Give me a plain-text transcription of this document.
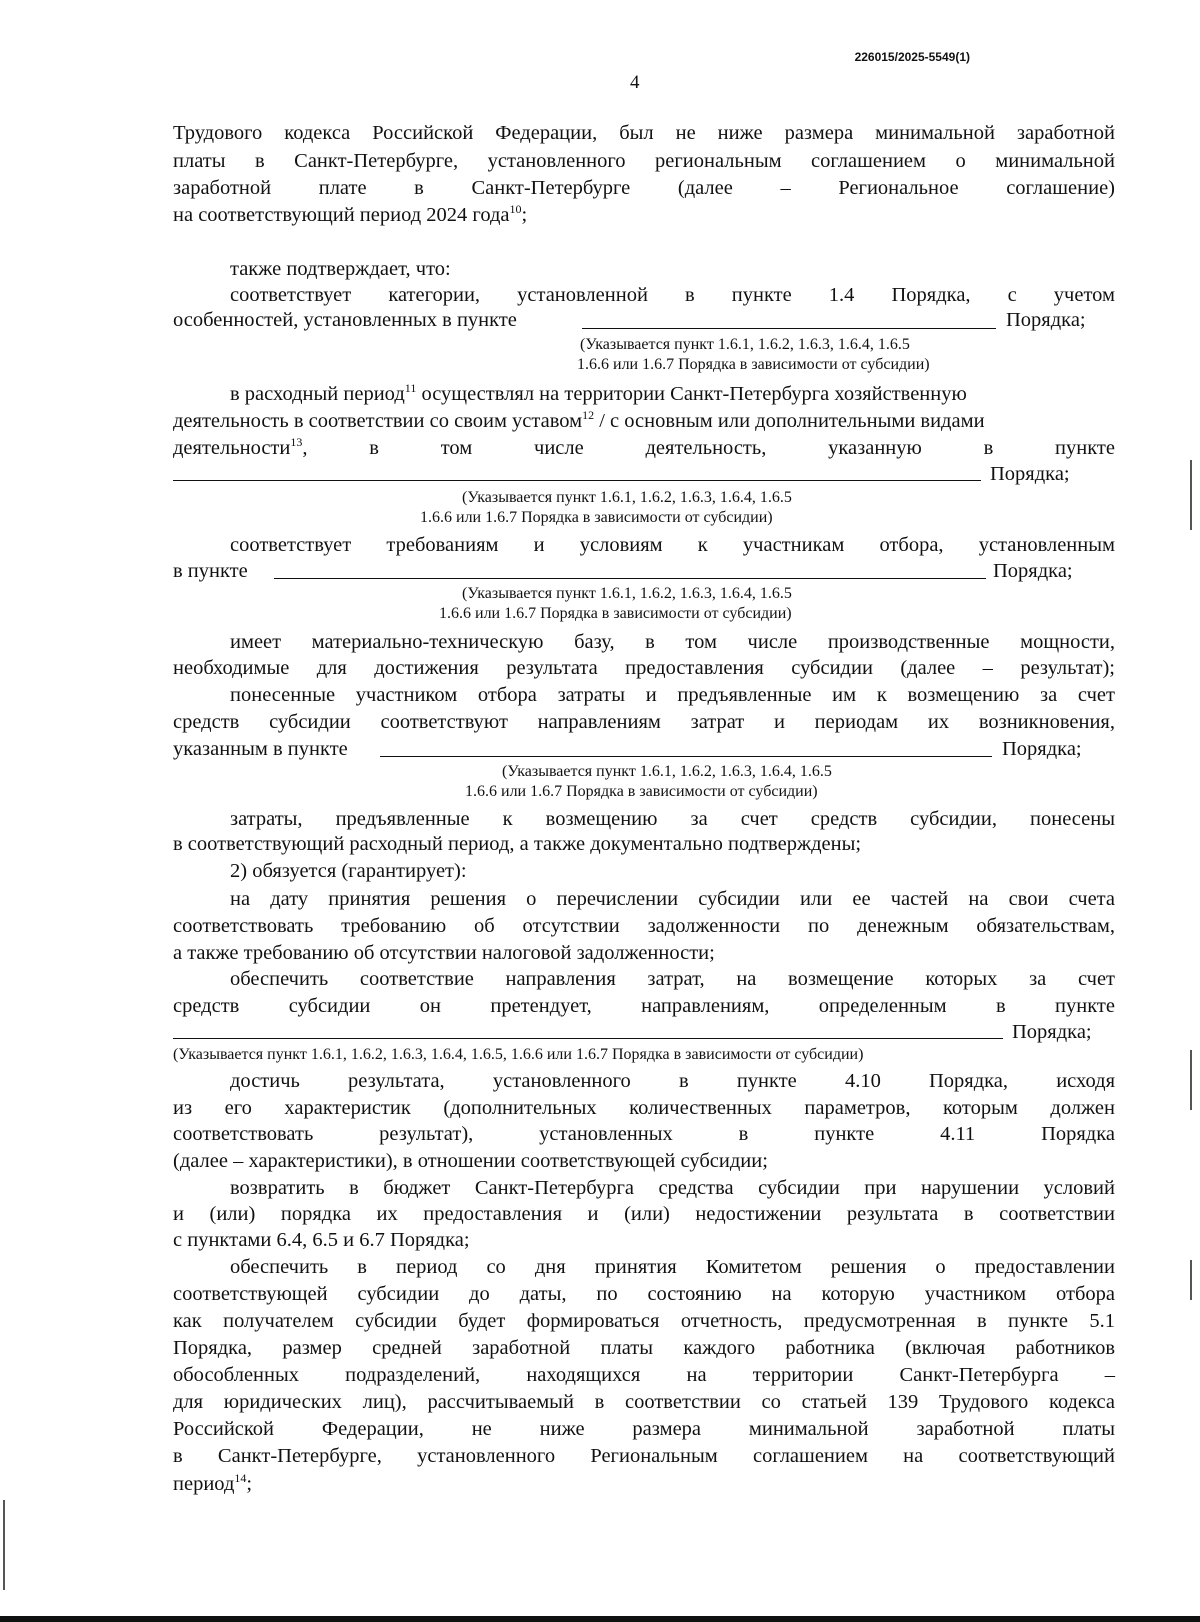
226015/2025-5549(1)
4
Трудового кодекса Российской Федерации, был не ниже размера минимальной заработной
платы в Санкт-Петербурге, установленного региональным соглашением о минимальной
заработной плате в Санкт-Петербурге (далее – Региональное соглашение)
на соответствующий период 2024 года$^{10}$;
также подтверждает, что:
соответствует категории, установленной в пункте 1.4 Порядка, с учетом
особенностей, установленных в пункте	Порядка;
(Указывается пункт 1.6.1, 1.6.2, 1.6.3, 1.6.4, 1.6.5
1.6.6 или 1.6.7 Порядка в зависимости от субсидии)
в расходный период$^{11}$ осуществлял на территории Санкт-Петербурга хозяйственную
деятельность в соответствии со своим уставом$^{12}$ / с основным или дополнительными видами
деятельности$^{13}$, в том числе деятельность, указанную в пункте
Порядка;
(Указывается пункт 1.6.1, 1.6.2, 1.6.3, 1.6.4, 1.6.5
1.6.6 или 1.6.7 Порядка в зависимости от субсидии)
соответствует требованиям и условиям к участникам отбора, установленным
в пункте	Порядка;
(Указывается пункт 1.6.1, 1.6.2, 1.6.3, 1.6.4, 1.6.5
1.6.6 или 1.6.7 Порядка в зависимости от субсидии)
имеет материально-техническую базу, в том числе производственные мощности,
необходимые для достижения результата предоставления субсидии (далее – результат);
понесенные участником отбора затраты и предъявленные им к возмещению за счет
средств субсидии соответствуют направлениям затрат и периодам их возникновения,
указанным в пункте	Порядка;
(Указывается пункт 1.6.1, 1.6.2, 1.6.3, 1.6.4, 1.6.5
1.6.6 или 1.6.7 Порядка в зависимости от субсидии)
затраты, предъявленные к возмещению за счет средств субсидии, понесены
в соответствующий расходный период, а также документально подтверждены;
2) обязуется (гарантирует):
на дату принятия решения о перечислении субсидии или ее частей на свои счета
соответствовать требованию об отсутствии задолженности по денежным обязательствам,
а также требованию об отсутствии налоговой задолженности;
обеспечить соответствие направления затрат, на возмещение которых за счет
средств субсидии он претендует, направлениям, определенным в пункте
Порядка;
(Указывается пункт 1.6.1, 1.6.2, 1.6.3, 1.6.4, 1.6.5, 1.6.6 или 1.6.7 Порядка в зависимости от субсидии)
достичь результата, установленного в пункте 4.10 Порядка, исходя
из его характеристик (дополнительных количественных параметров, которым должен
соответствовать результат), установленных в пункте 4.11 Порядка
(далее – характеристики), в отношении соответствующей субсидии;
возвратить в бюджет Санкт-Петербурга средства субсидии при нарушении условий
и (или) порядка их предоставления и (или) недостижении результата в соответствии
с пунктами 6.4, 6.5 и 6.7 Порядка;
обеспечить в период со дня принятия Комитетом решения о предоставлении
соответствующей субсидии до даты, по состоянию на которую участником отбора
как получателем субсидии будет формироваться отчетность, предусмотренная в пункте 5.1
Порядка, размер средней заработной платы каждого работника (включая работников
обособленных подразделений, находящихся на территории Санкт-Петербурга –
для юридических лиц), рассчитываемый в соответствии со статьей 139 Трудового кодекса
Российской Федерации, не ниже размера минимальной заработной платы
в Санкт-Петербурге, установленного Региональным соглашением на соответствующий
период$^{14}$;
